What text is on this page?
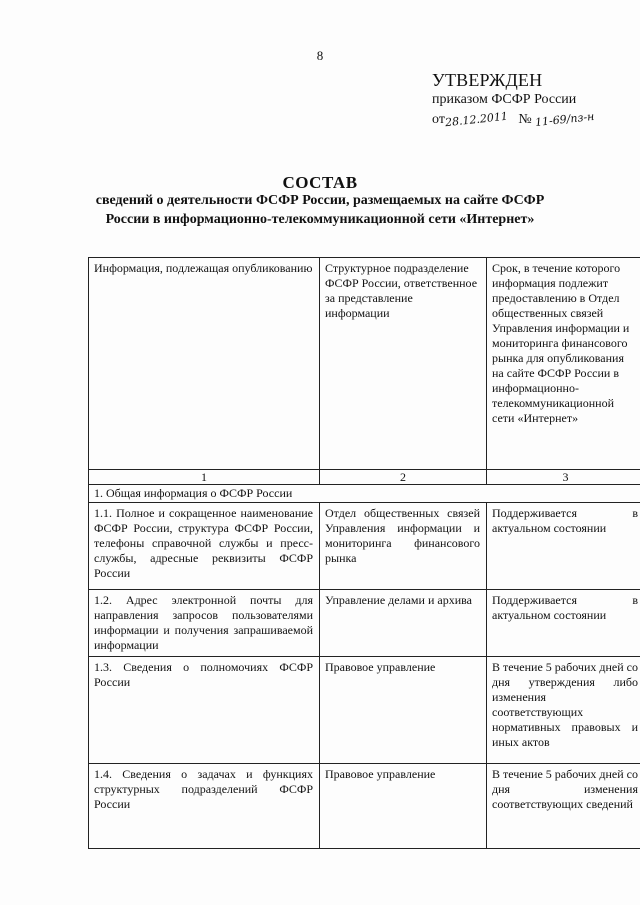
8
УТВЕРЖДЕН
приказом ФСФР России
от28.12.2011 № 11-69/пз-н
СОСТАВ
сведений о деятельности ФСФР России, размещаемых на сайте ФСФР России в информационно-телекоммуникационной сети «Интернет»
Информация, подлежащая опубликованию	Структурное подразделение ФСФР России, ответственное за представление информации	Срок, в течение которого информация подлежит предоставлению в Отдел общественных связей Управления информации и мониторинга финансового рынка для опубликования на сайте ФСФР России в информационно-телекоммуникационной сети «Интернет»
1	2	3
1. Общая информация о ФСФР России		
1.1. Полное и сокращенное наименование ФСФР России, структура ФСФР России, телефоны справочной службы и пресс-службы, адресные реквизиты ФСФР России	Отдел общественных связей Управления информации и мониторинга финансового рынка	Поддерживается в актуальном состоянии
1.2. Адрес электронной почты для направления запросов пользователями информации и получения запрашиваемой информации	Управление делами и архива	Поддерживается в актуальном состоянии
1.3. Сведения о полномочиях ФСФР России	Правовое управление	В течение 5 рабочих дней со дня утверждения либо изменения соответствующих нормативных правовых и иных актов
1.4. Сведения о задачах и функциях структурных подразделений ФСФР России	Правовое управление	В течение 5 рабочих дней со дня изменения соответствующих сведений
